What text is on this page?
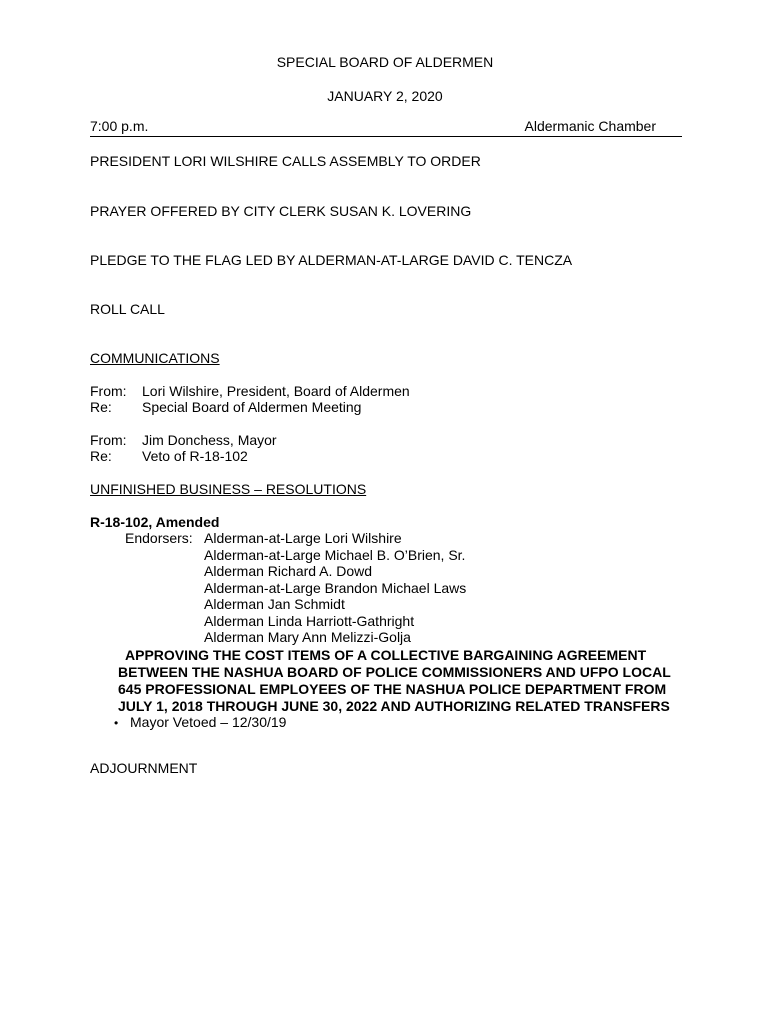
SPECIAL BOARD OF ALDERMEN
JANUARY 2, 2020
7:00 p.m.	Aldermanic Chamber
PRESIDENT LORI WILSHIRE CALLS ASSEMBLY TO ORDER
PRAYER OFFERED BY CITY CLERK SUSAN K. LOVERING
PLEDGE TO THE FLAG LED BY ALDERMAN-AT-LARGE DAVID C. TENCZA
ROLL CALL
COMMUNICATIONS
From: Lori Wilshire, President, Board of Aldermen
Re: Special Board of Aldermen Meeting
From: Jim Donchess, Mayor
Re: Veto of R-18-102
UNFINISHED BUSINESS – RESOLUTIONS
R-18-102, Amended
Endorsers: Alderman-at-Large Lori Wilshire
Alderman-at-Large Michael B. O’Brien, Sr.
Alderman Richard A. Dowd
Alderman-at-Large Brandon Michael Laws
Alderman Jan Schmidt
Alderman Linda Harriott-Gathright
Alderman Mary Ann Melizzi-Golja
APPROVING THE COST ITEMS OF A COLLECTIVE BARGAINING AGREEMENT
BETWEEN THE NASHUA BOARD OF POLICE COMMISSIONERS AND UFPO LOCAL
645 PROFESSIONAL EMPLOYEES OF THE NASHUA POLICE DEPARTMENT FROM
JULY 1, 2018 THROUGH JUNE 30, 2022 AND AUTHORIZING RELATED TRANSFERS
• Mayor Vetoed – 12/30/19
ADJOURNMENT
